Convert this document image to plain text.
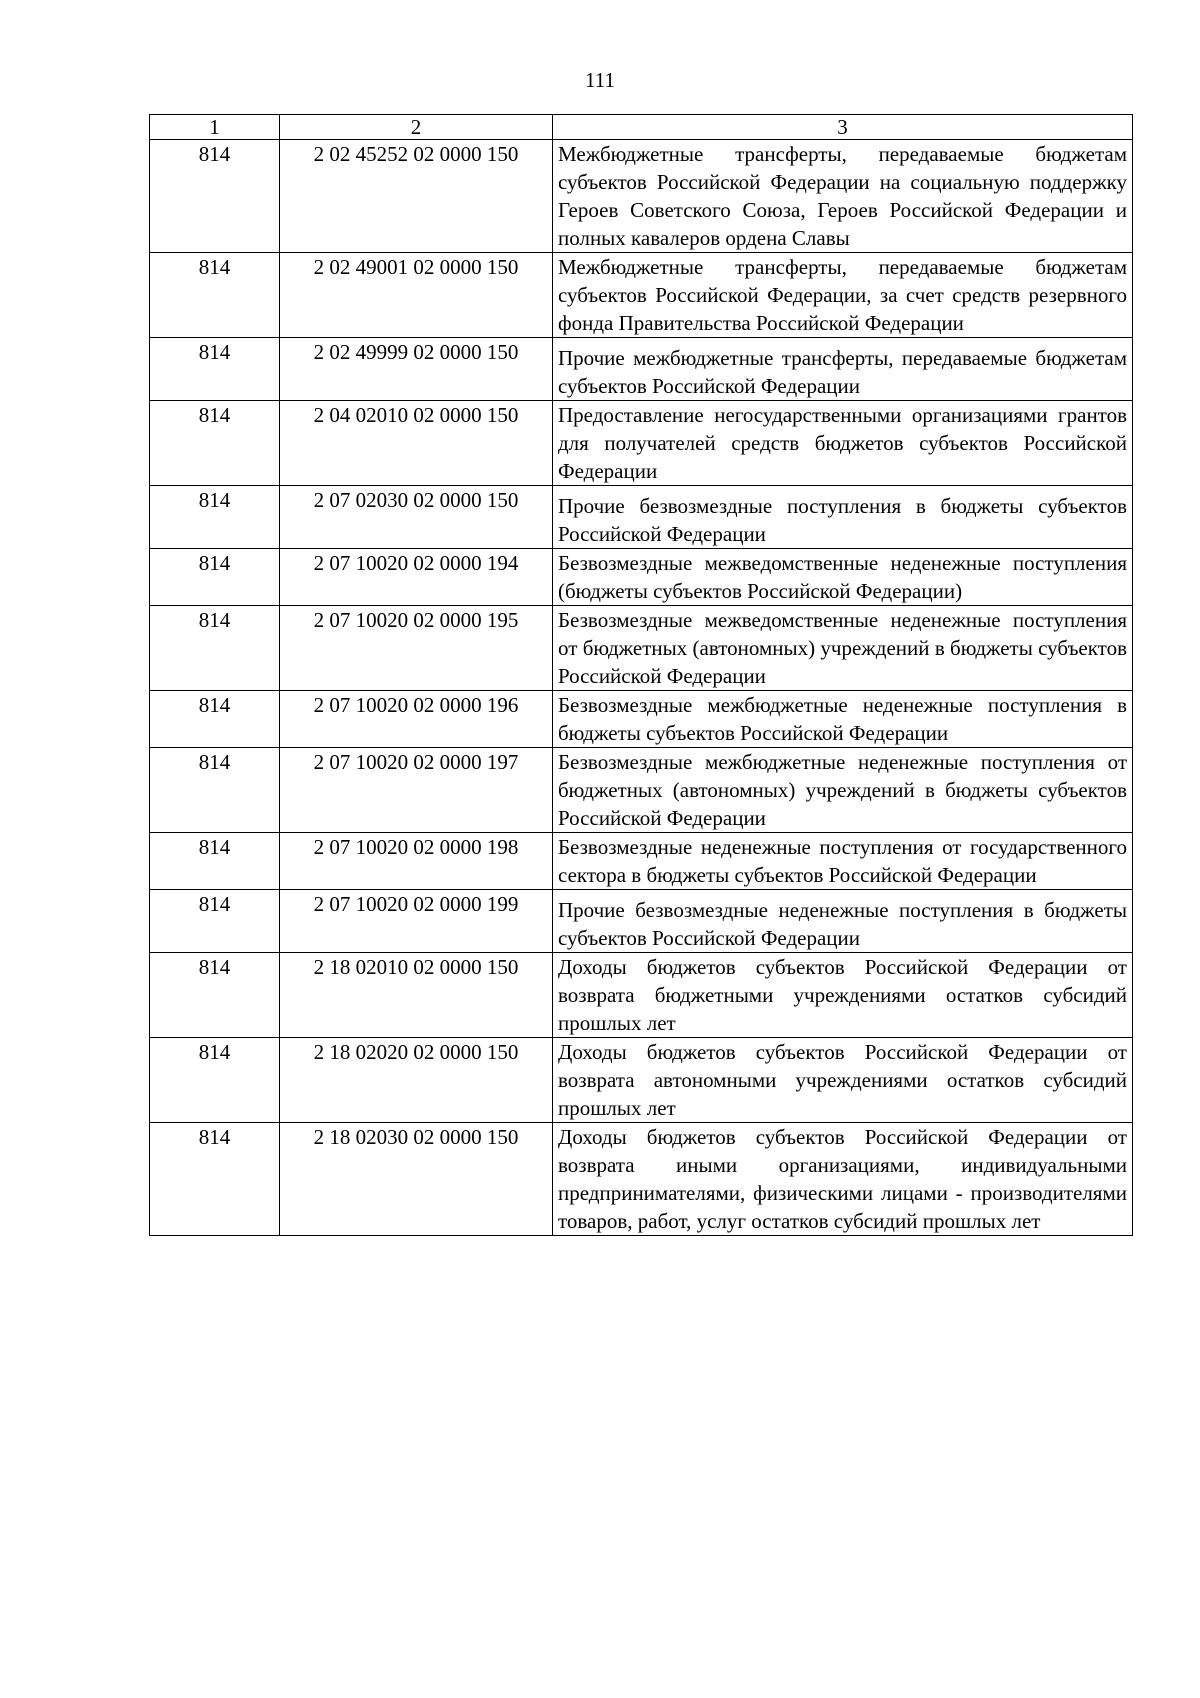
111
1	2	3
814	2 02 45252 02 0000 150	Межбюджетные трансферты, передаваемые бюджетам субъектов Российской Федерации на социальную поддержку Героев Советского Союза, Героев Российской Федерации и полных кавалеров ордена Славы
814	2 02 49001 02 0000 150	Межбюджетные трансферты, передаваемые бюджетам субъектов Российской Федерации, за счет средств резервного фонда Правительства Российской Федерации
814	2 02 49999 02 0000 150	Прочие межбюджетные трансферты, передаваемые бюджетам субъектов Российской Федерации
814	2 04 02010 02 0000 150	Предоставление негосударственными организациями грантов для получателей средств бюджетов субъектов Российской Федерации
814	2 07 02030 02 0000 150	Прочие безвозмездные поступления в бюджеты субъектов Российской Федерации
814	2 07 10020 02 0000 194	Безвозмездные межведомственные неденежные поступления (бюджеты субъектов Российской Федерации)
814	2 07 10020 02 0000 195	Безвозмездные межведомственные неденежные поступления от бюджетных (автономных) учреждений в бюджеты субъектов Российской Федерации
814	2 07 10020 02 0000 196	Безвозмездные межбюджетные неденежные поступления в бюджеты субъектов Российской Федерации
814	2 07 10020 02 0000 197	Безвозмездные межбюджетные неденежные поступления от бюджетных (автономных) учреждений в бюджеты субъектов Российской Федерации
814	2 07 10020 02 0000 198	Безвозмездные неденежные поступления от государственного сектора в бюджеты субъектов Российской Федерации
814	2 07 10020 02 0000 199	Прочие безвозмездные неденежные поступления в бюджеты субъектов Российской Федерации
814	2 18 02010 02 0000 150	Доходы бюджетов субъектов Российской Федерации от возврата бюджетными учреждениями остатков субсидий прошлых лет
814	2 18 02020 02 0000 150	Доходы бюджетов субъектов Российской Федерации от возврата автономными учреждениями остатков субсидий прошлых лет
814	2 18 02030 02 0000 150	Доходы бюджетов субъектов Российской Федерации от возврата иными организациями, индивидуальными предпринимателями, физическими лицами - производителями товаров, работ, услуг остатков субсидий прошлых лет
